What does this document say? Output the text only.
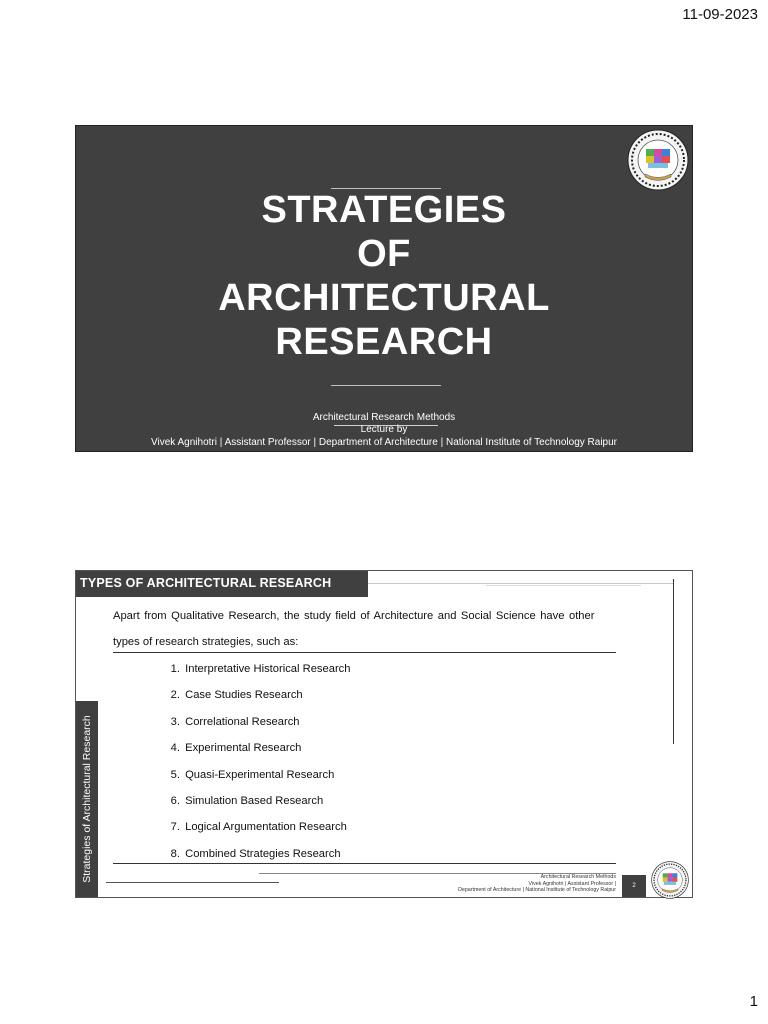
11-09-2023
STRATEGIES
OF
ARCHITECTURAL
RESEARCH
Architectural Research Methods
Lecture by
Vivek Agnihotri | Assistant Professor | Department of Architecture | National Institute of Technology Raipur
TYPES OF ARCHITECTURAL RESEARCH
Apart from Qualitative Research, the study field of Architecture and Social Science have other
types of research strategies, such as:
1. Interpretative Historical Research
2. Case Studies Research
3. Correlational Research
4. Experimental Research
5. Quasi-Experimental Research
6. Simulation Based Research
7. Logical Argumentation Research
8. Combined Strategies Research
Strategies of Architectural Research	Architectural Research Methods
Vivek Agnihotri | Assistant Professor |
Department of Architecture | National Institute of Technology Raipur
2
1
